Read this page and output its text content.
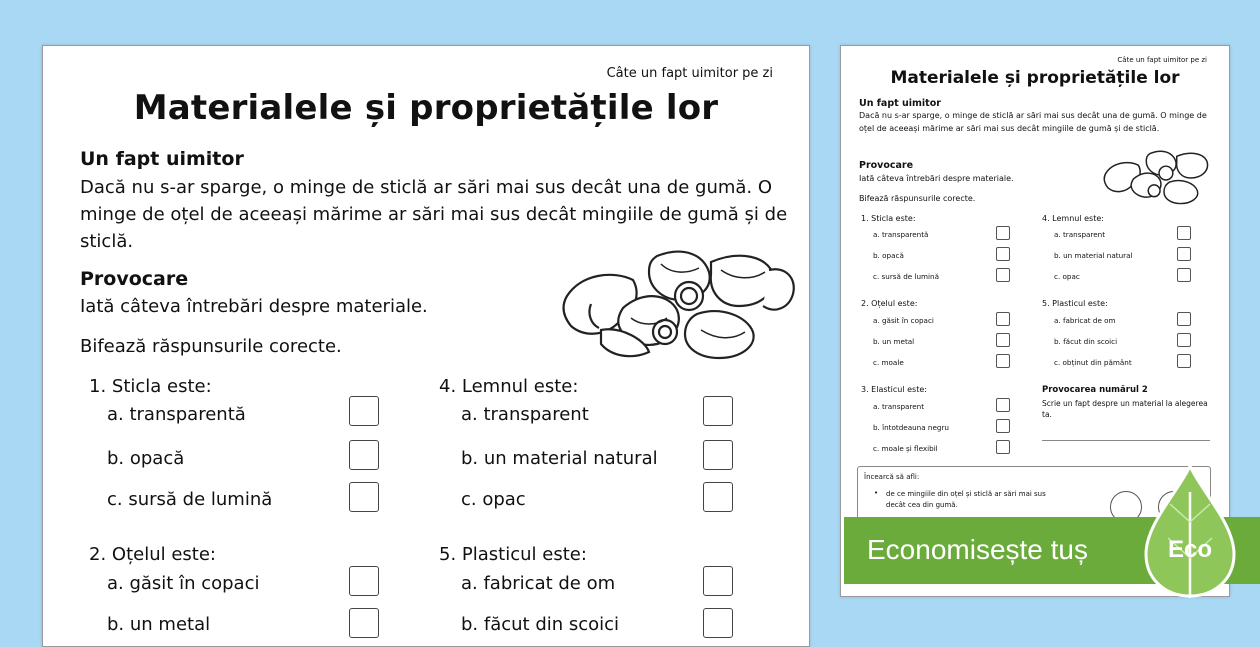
Câte un fapt uimitor pe zi
Materialele și proprietățile lor
Un fapt uimitor
Dacă nu s-ar sparge, o minge de sticlă ar sări mai sus decât una de gumă. O minge de oțel de aceeași mărime ar sări mai sus decât mingiile de gumă și de sticlă.
Provocare
Iată câteva întrebări despre materiale.
Bifează răspunsurile corecte.
1. Sticla este:
a. transparentă
b. opacă
c. sursă de lumină
2. Oțelul este:
a. găsit în copaci
b. un metal
4. Lemnul este:
a. transparent
b. un material natural
c. opac
5. Plasticul este:
a. fabricat de om
b. făcut din scoici
Câte un fapt uimitor pe zi
Materialele și proprietățile lor
Un fapt uimitor
Dacă nu s-ar sparge, o minge de sticlă ar sări mai sus decât una de gumă. O minge de oțel de aceeași mărime ar sări mai sus decât mingiile de gumă și de sticlă.
Provocare
Iată câteva întrebări despre materiale.
Bifează răspunsurile corecte.
1. Sticla este:
a. transparentă
b. opacă
c. sursă de lumină
2. Oțelul este:
a. găsit în copaci
b. un metal
c. moale
3. Elasticul este:
a. transparent
b. întotdeauna negru
c. moale și flexibil
4. Lemnul este:
a. transparent
b. un material natural
c. opac
5. Plasticul este:
a. fabricat de om
b. făcut din scoici
c. obținut din pământ
Provocarea numărul 2
Scrie un fapt despre un material la alegerea ta.
Încearcă să afli:
• de ce mingiile din oțel și sticlă ar sări mai sus decât cea din gumă.
Economisește tuș	Eco
